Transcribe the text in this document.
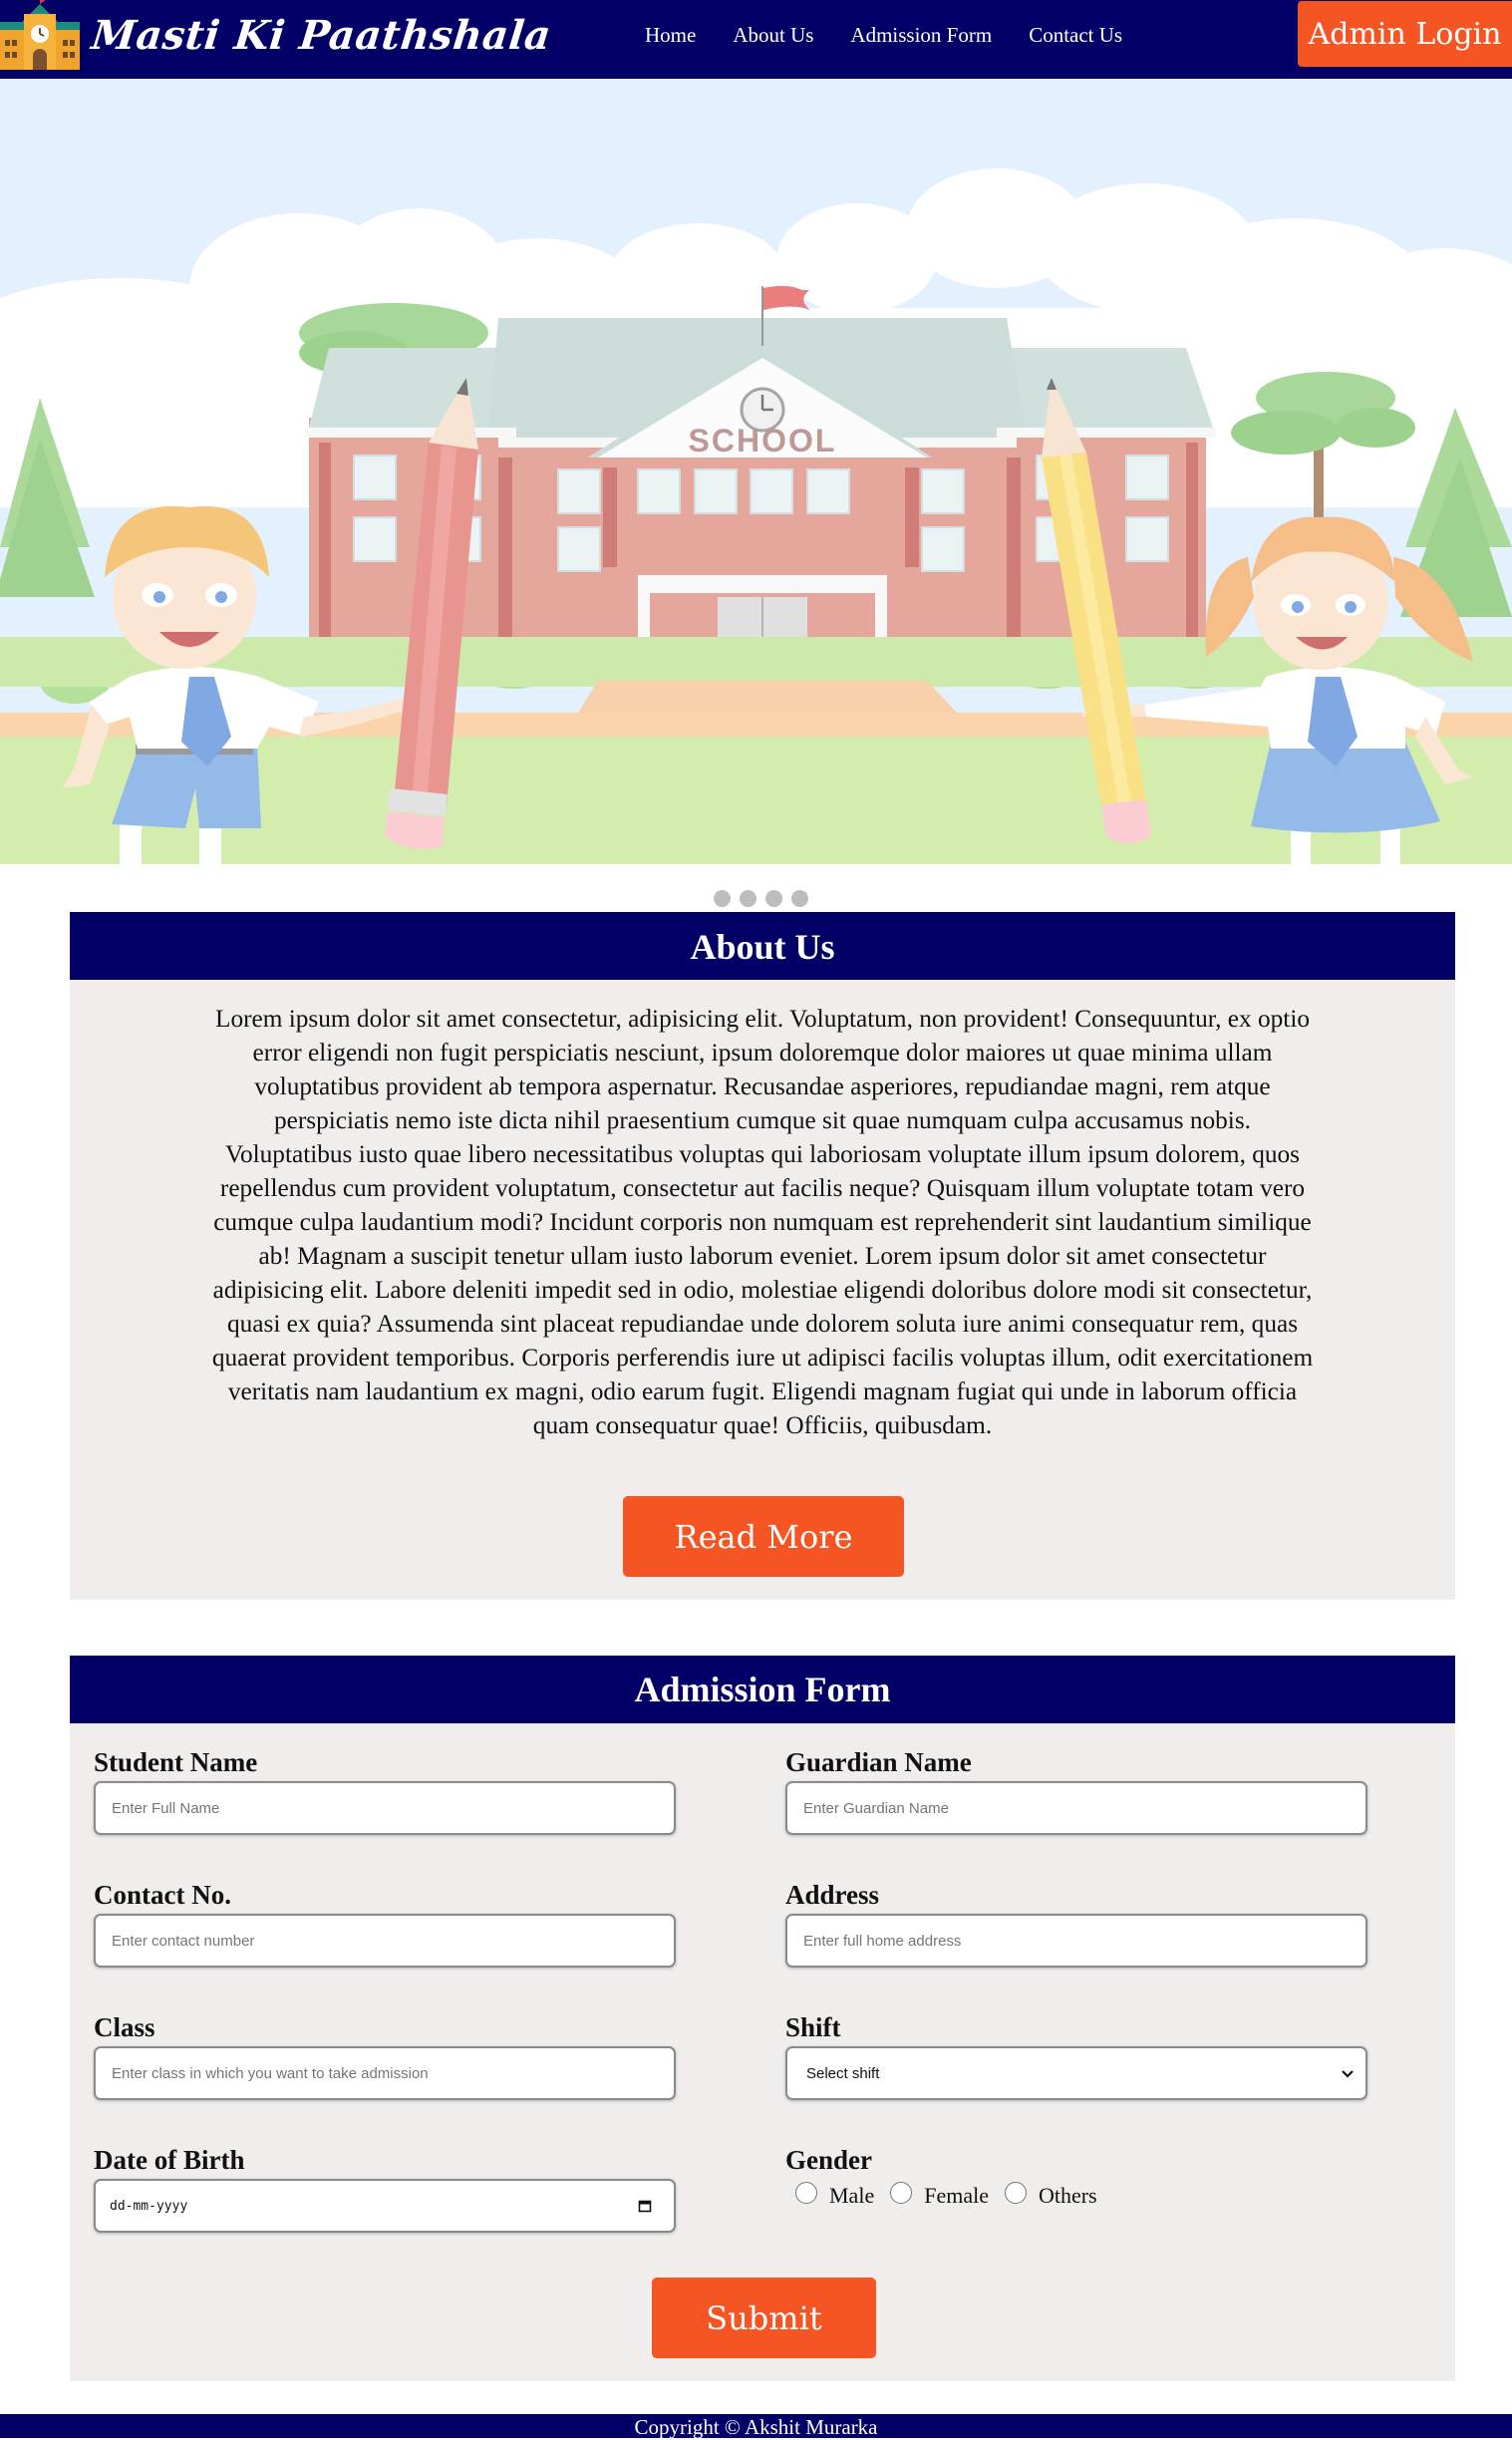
Masti Ki Paathshala	Home About Us Admission Form Contact Us	Admin Login
SCHOOL
About Us

Lorem ipsum dolor sit amet consectetur, adipisicing elit. Voluptatum, non provident! Consequuntur, ex optio error eligendi non fugit perspiciatis nesciunt, ipsum doloremque dolor maiores ut quae minima ullam voluptatibus provident ab tempora aspernatur. Recusandae asperiores, repudiandae magni, rem atque perspiciatis nemo iste dicta nihil praesentium cumque sit quae numquam culpa accusamus nobis. Voluptatibus iusto quae libero necessitatibus voluptas qui laboriosam voluptate illum ipsum dolorem, quos repellendus cum provident voluptatum, consectetur aut facilis neque? Quisquam illum voluptate totam vero cumque culpa laudantium modi? Incidunt corporis non numquam est reprehenderit sint laudantium similique ab! Magnam a suscipit tenetur ullam iusto laborum eveniet. Lorem ipsum dolor sit amet consectetur adipisicing elit. Labore deleniti impedit sed in odio, molestiae eligendi doloribus dolore modi sit consectetur, quasi ex quia? Assumenda sint placeat repudiandae unde dolorem soluta iure animi consequatur rem, quas quaerat provident temporibus. Corporis perferendis iure ut adipisci facilis voluptas illum, odit exercitationem veritatis nam laudantium ex magni, odio earum fugit. Eligendi magnam fugiat qui unde in laborum officia quam consequatur quae! Officiis, quibusdam.

Read More
Admission Form
Student Name
Enter Full Name
Guardian Name
Enter Guardian Name
Contact No.
Enter contact number
Address
Enter full home address
Class
Enter class in which you want to take admission
Shift
Select shift
Date of Birth
dd-mm-yyyy
Gender
Male Female Others
Submit
Copyright © Akshit Murarka
